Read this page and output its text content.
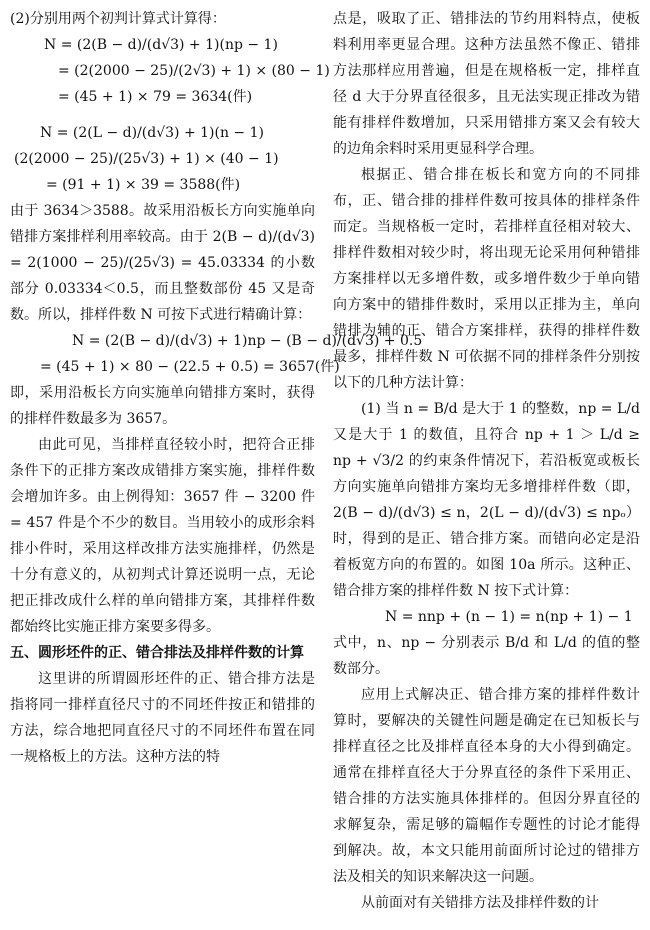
(2)分别用两个初判计算式计算得：

N = (2(B − d)/(d√3) + 1)(np − 1)

= (2(2000 − 25)/(2√3) + 1) × (80 − 1)

= (45 + 1) × 79 = 3634(件)

N = (2(L − d)/(d√3) + 1)(n − 1)

(2(2000 − 25)/(25√3) + 1) × (40 − 1)

= (91 + 1) × 39 = 3588(件)

由于 3634＞3588。故采用沿板长方向实施单向错排方案排样利用率较高。由于 2(B − d)/(d√3) = 2(1000 − 25)/(25√3) = 45.03334 的小数部分 0.03334＜0.5，而且整数部份 45 又是奇数。所以，排样件数 N 可按下式进行精确计算：

N = (2(B − d)/(d√3) + 1)np − (B − d)/(d√3) + 0.5

= (45 + 1) × 80 − (22.5 + 0.5) = 3657(件)

即，采用沿板长方向实施单向错排方案时，获得的排样件数最多为 3657。

由此可见，当排样直径较小时，把符合正排条件下的正排方案改成错排方案实施，排样件数会增加许多。由上例得知：3657 件 − 3200 件 = 457 件是个不少的数目。当用较小的成形余料排小件时，采用这样改排方法实施排样，仍然是十分有意义的，从初判式计算还说明一点，无论把正排改成什么样的单向错排方案，其排样件数都始终比实施正排方案要多得多。

五、圆形坯件的正、错合排法及排样件数的计算

这里讲的所谓圆形坯件的正、错合排方法是指将同一排样直径尺寸的不同坯件按正和错排的方法，综合地把同直径尺寸的不同坯件布置在同一规格板上的方法。这种方法的特

点是，吸取了正、错排法的节约用料特点，使板料利用率更显合理。这种方法虽然不像正、错排方法那样应用普遍，但是在规格板一定，排样直径 d 大于分界直径很多，且无法实现正排改为错能有排样件数增加，只采用错排方案又会有较大的边角余料时采用更显科学合理。

根据正、错合排在板长和宽方向的不同排布，正、错合排的排样件数可按具体的排样条件而定。当规格板一定时，若排样直径相对较大、排样件数相对较少时，将出现无论采用何种错排方案排样以无多增件数，或多增件数少于单向错向方案中的错排件数时，采用以正排为主，单向错排为辅的正、错合方案排样，获得的排样件数最多，排样件数 N 可依据不同的排样条件分别按以下的几种方法计算：

(1) 当 n = B/d 是大于 1 的整数，np = L/d 又是大于 1 的数值，且符合 np + 1 ＞ L/d ≥ np + √3/2 的约束条件情况下，若沿板宽或板长方向实施单向错排方案均无多增排样件数（即，2(B − d)/(d√3) ≤ n，2(L − d)/(d√3) ≤ npₒ）时，得到的是正、错合排方案。而错向必定是沿着板宽方向的布置的。如图 10a 所示。这种正、错合排方案的排样件数 N 按下式计算：

N = nnp + (n − 1) = n(np + 1) − 1

式中，n、np − 分别表示 B/d 和 L/d 的值的整数部分。

应用上式解决正、错合排方案的排样件数计算时，要解决的关键性问题是确定在已知板长与排样直径之比及排样直径本身的大小得到确定。通常在排样直径大于分界直径的条件下采用正、错合排的方法实施具体排样的。但因分界直径的求解复杂，需足够的篇幅作专题性的讨论才能得到解决。故，本文只能用前面所讨论过的错排方法及相关的知识来解决这一问题。

从前面对有关错排方法及排样件数的计
